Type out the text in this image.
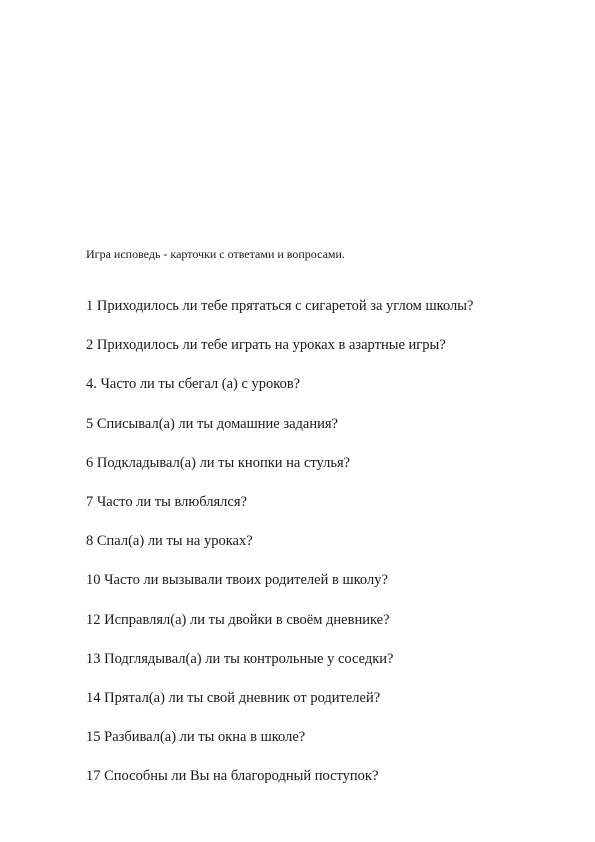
Игра исповедь - карточки с ответами и вопросами.
1 Приходилось ли тебе прятаться с сигаретой за углом школы?
2 Приходилось ли тебе играть на уроках в азартные игры?
4. Часто ли ты сбегал (а) с уроков?
5 Списывал(а) ли ты домашние задания?
6 Подкладывал(а) ли ты кнопки на стулья?
7 Часто ли ты влюблялся?
8 Спал(а) ли ты на уроках?
10 Часто ли вызывали твоих родителей в школу?
12 Исправлял(а) ли ты двойки в своём дневнике?
13 Подглядывал(а) ли ты контрольные у соседки?
14 Прятал(а) ли ты свой дневник от родителей?
15 Разбивал(а) ли ты окна в школе?
17 Способны ли Вы на благородный поступок?
